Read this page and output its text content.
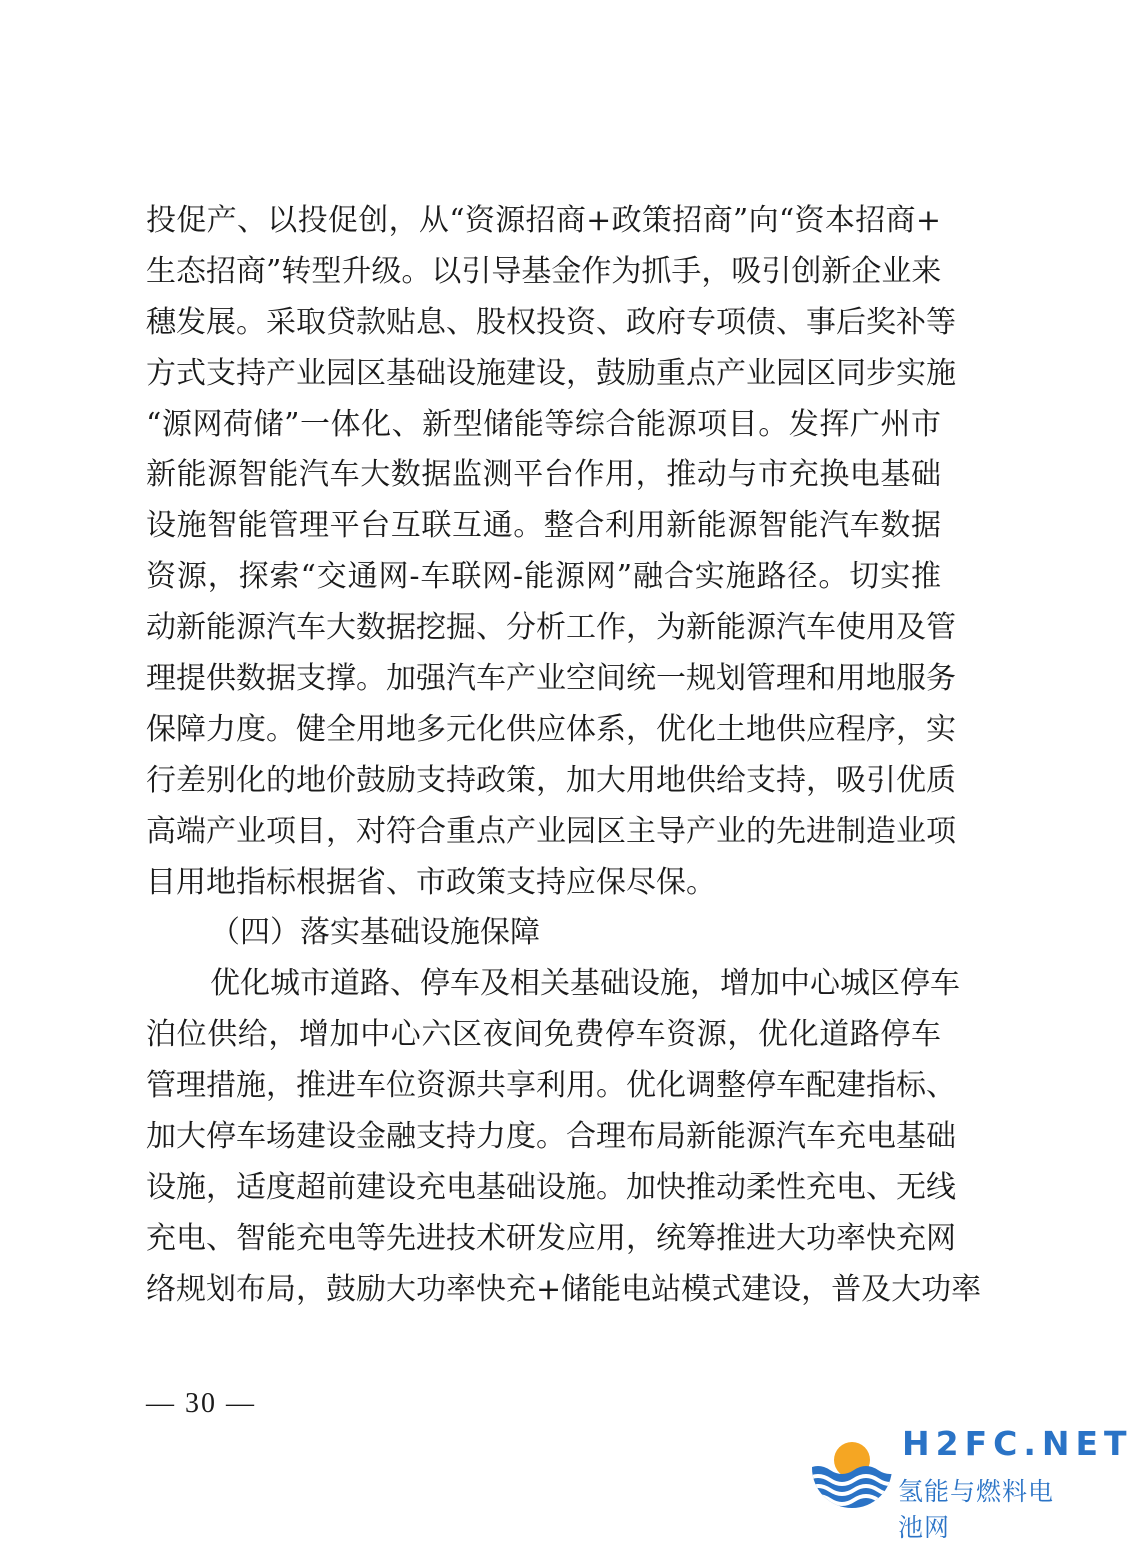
投促产、以投促创，从“资源招商+政策招商”向“资本招商+
生态招商”转型升级。以引导基金作为抓手，吸引创新企业来
穗发展。采取贷款贴息、股权投资、政府专项债、事后奖补等
方式支持产业园区基础设施建设，鼓励重点产业园区同步实施
“源网荷储”一体化、新型储能等综合能源项目。发挥广州市
新能源智能汽车大数据监测平台作用，推动与市充换电基础
设施智能管理平台互联互通。整合利用新能源智能汽车数据
资源，探索“交通网-车联网-能源网”融合实施路径。切实推
动新能源汽车大数据挖掘、分析工作，为新能源汽车使用及管
理提供数据支撑。加强汽车产业空间统一规划管理和用地服务
保障力度。健全用地多元化供应体系，优化土地供应程序，实
行差别化的地价鼓励支持政策，加大用地供给支持，吸引优质
高端产业项目，对符合重点产业园区主导产业的先进制造业项
目用地指标根据省、市政策支持应保尽保。
（四）落实基础设施保障
优化城市道路、停车及相关基础设施，增加中心城区停车
泊位供给，增加中心六区夜间免费停车资源，优化道路停车
管理措施，推进车位资源共享利用。优化调整停车配建指标、
加大停车场建设金融支持力度。合理布局新能源汽车充电基础
设施，适度超前建设充电基础设施。加快推动柔性充电、无线
充电、智能充电等先进技术研发应用，统筹推进大功率快充网
络规划布局，鼓励大功率快充+储能电站模式建设，普及大功率
— 30 —
H2FC.NET
氢能与燃料电池网
